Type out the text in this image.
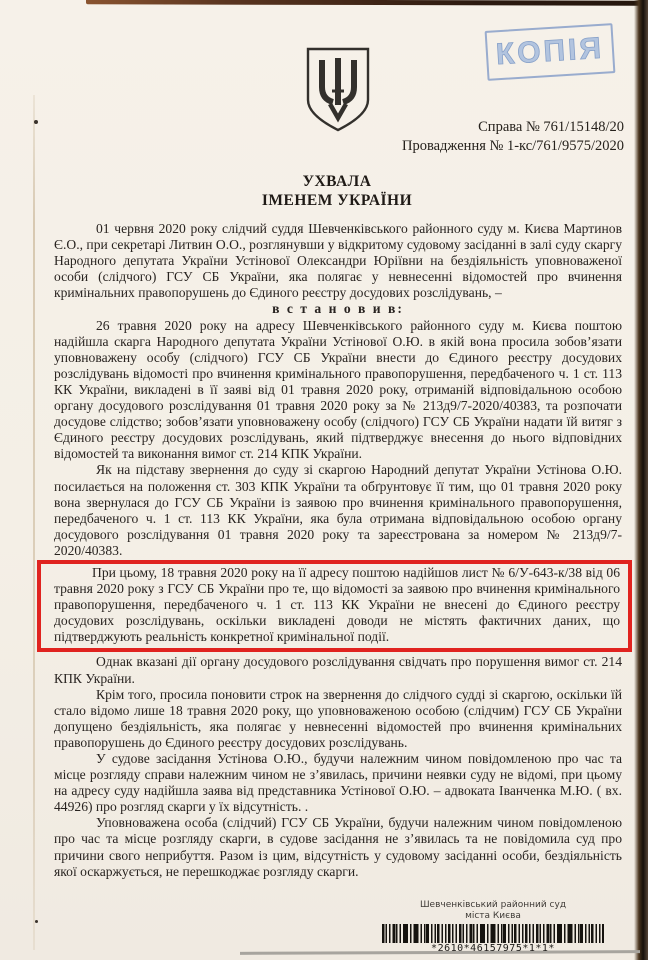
КОПІЯ
Справа № 761/15148/20
Провадження № 1-кс/761/9575/2020
УХВАЛА
ІМЕНЕМ УКРАЇНИ

01 червня 2020 року слідчий суддя Шевченківського районного суду м. Києва Мартинов Є.О., при секретарі Литвин О.О., розглянувши у відкритому судовому засіданні в залі суду скаргу Народного депутата України Устінової Олександри Юріївни на бездіяльність уповноваженої особи (слідчого) ГСУ СБ України, яка полягає у невнесенні відомостей про вчинення кримінальних правопорушень до Єдиного реєстру досудових розслідувань, –

в с т а н о в и в:

26 травня 2020 року на адресу Шевченківського районного суду м. Києва поштою надійшла скарга Народного депутата України Устінової О.Ю. в якій вона просила зобов’язати уповноважену особу (слідчого) ГСУ СБ України внести до Єдиного реєстру досудових розслідувань відомості про вчинення кримінального правопорушення, передбаченого ч. 1 ст. 113 КК України, викладені в її заяві від 01 травня 2020 року, отриманій відповідальною особою органу досудового розслідування 01 травня 2020 року за № 213д9/7-2020/40383, та розпочати досудове слідство; зобов’язати уповноважену особу (слідчого) ГСУ СБ України надати їй витяг з Єдиного реєстру досудових розслідувань, який підтверджує внесення до нього відповідних відомостей та виконання вимог ст. 214 КПК України.

Як на підставу звернення до суду зі скаргою Народний депутат України Устінова О.Ю. посилається на положення ст. 303 КПК України та обґрунтовує її тим, що 01 травня 2020 року вона звернулася до ГСУ СБ України із заявою про вчинення кримінального правопорушення, передбаченого ч. 1 ст. 113 КК України, яка була отримана відповідальною особою органу досудового розслідування 01 травня 2020 року та зареєстрована за номером № 213д9/7-2020/40383.

При цьому, 18 травня 2020 року на її адресу поштою надійшов лист № 6/У-643-к/38 від 06 травня 2020 року з ГСУ СБ України про те, що відомості за заявою про вчинення кримінального правопорушення, передбаченого ч. 1 ст. 113 КК України не внесені до Єдиного реєстру досудових розслідувань, оскільки викладені доводи не містять фактичних даних, що підтверджують реальність конкретної кримінальної події.

Однак вказані дії органу досудового розслідування свідчать про порушення вимог ст. 214 КПК України.

Крім того, просила поновити строк на звернення до слідчого судді зі скаргою, оскільки їй стало відомо лише 18 травня 2020 року, що уповноваженою особою (слідчим) ГСУ СБ України допущено бездіяльність, яка полягає у невнесенні відомостей про вчинення кримінальних правопорушень до Єдиного реєстру досудових розслідувань.

У судове засідання Устінова О.Ю., будучи належним чином повідомленою про час та місце розгляду справи належним чином не з’явилась, причини неявки суду не відомі, при цьому на адресу суду надійшла заява від представника Устінової О.Ю. – адвоката Іванченка М.Ю. ( вх. 44926) про розгляд скарги у їх відсутність. .

Уповноважена особа (слідчий) ГСУ СБ України, будучи належним чином повідомленою про час та місце розгляду скарги, в судове засідання не з’явилась та не повідомила суд про причини свого неприбуття. Разом із цим, відсутність у судовому засіданні особи, бездіяльність якої оскаржується, не перешкоджає розгляду скарги.

Шевченківський районний суд
міста Києва
*2610*46157975*1*1*
